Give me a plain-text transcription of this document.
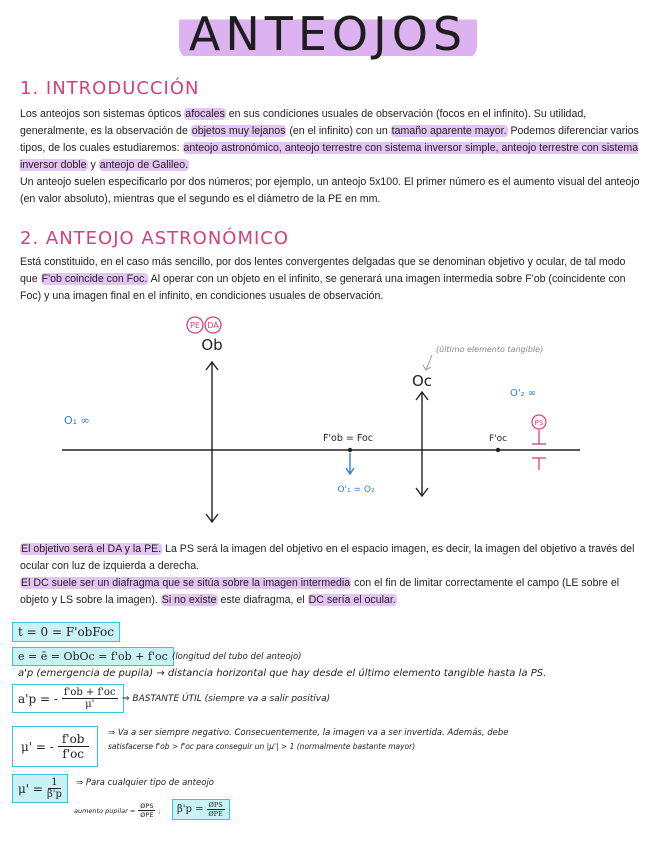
ANTEOJOS
1. INTRODUCCIÓN
Los anteojos son sistemas ópticos afocales en sus condiciones usuales de observación (focos en el infinito). Su utilidad, generalmente, es la observación de objetos muy lejanos (en el infinito) con un tamaño aparente mayor. Podemos diferenciar varios tipos, de los cuales estudiaremos: anteojo astronómico, anteojo terrestre con sistema inversor simple, anteojo terrestre con sistema inversor doble y anteojo de Galileo.
Un anteojo suelen especificarlo por dos números; por ejemplo, un anteojo 5x100. El primer número es el aumento visual del anteojo (en valor absoluto), mientras que el segundo es el diámetro de la PE en mm.
2. ANTEOJO ASTRONÓMICO
Está constituido, en el caso más sencillo, por dos lentes convergentes delgadas que se denominan objetivo y ocular, de tal modo que F'ob coincide con Foc. Al operar con un objeto en el infinito, se generará una imagen intermedia sobre F'ob (coincidente con Foc) y una imagen final en el infinito, en condiciones usuales de observación.
PE DA
Ob
Oc
(último elemento tangible)
O₁ ∞
O'₂ ∞
F'ob = Foc
O'₁ = O₂
F'oc
PS
El objetivo será el DA y la PE. La PS será la imagen del objetivo en el espacio imagen, es decir, la imagen del objetivo a través del ocular con luz de izquierda a derecha.
El DC suele ser un diafragma que se sitúa sobre la imagen intermedia con el fin de limitar correctamente el campo (LE sobre el objeto y LS sobre la imagen). Si no existe este diafragma, el DC sería el ocular.
t = 0 = F'obFoc
e = ē = ObOc = f'ob + f'oc (longitud del tubo del anteojo)
a'p (emergencia de pupila) → distancia horizontal que hay desde el último elemento tangible hasta la PS.
a'p = - f'ob + f'oc
μ'	⇒ BASTANTE ÚTIL (siempre va a salir positiva)
μ' = -
f'ob
f'oc
⇒ Va a ser siempre negativo. Consecuentemente, la imagen va a ser invertida. Además, debe
satisfacerse f'ob > f'oc para conseguir un |μ'| > 1 (normalmente bastante mayor)
$\mu' = \frac{1}{\beta'p}$ ⇒ Para cualquier tipo de anteojo
aumento pupilar =
ØPS
ØPE
; β'p = ØPS
ØPE
